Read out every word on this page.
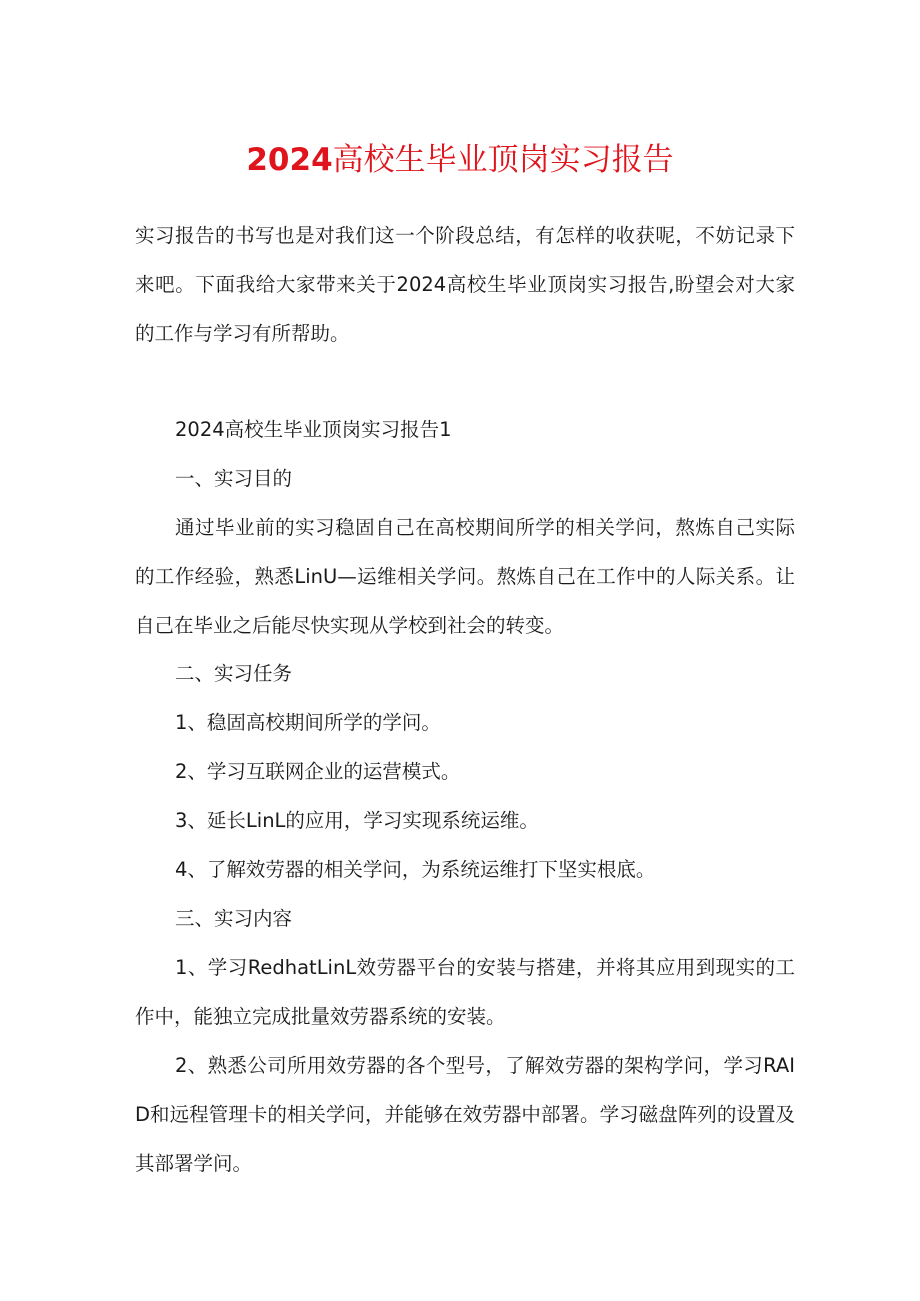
2024高校生毕业顶岗实习报告

实习报告的书写也是对我们这一个阶段总结，有怎样的收获呢，不妨记录下来吧。下面我给大家带来关于2024高校生毕业顶岗实习报告,盼望会对大家的工作与学习有所帮助。

2024高校生毕业顶岗实习报告1

一、实习目的

通过毕业前的实习稳固自己在高校期间所学的相关学问，熬炼自己实际的工作经验，熟悉LinU—运维相关学问。熬炼自己在工作中的人际关系。让自己在毕业之后能尽快实现从学校到社会的转变。

二、实习任务

1、稳固高校期间所学的学问。

2、学习互联网企业的运营模式。

3、延长LinL的应用，学习实现系统运维。

4、了解效劳器的相关学问，为系统运维打下坚实根底。

三、实习内容

1、学习RedhatLinL效劳器平台的安装与搭建，并将其应用到现实的工作中，能独立完成批量效劳器系统的安装。

2、熟悉公司所用效劳器的各个型号，了解效劳器的架构学问，学习RAID和远程管理卡的相关学问，并能够在效劳器中部署。学习磁盘阵列的设置及其部署学问。
